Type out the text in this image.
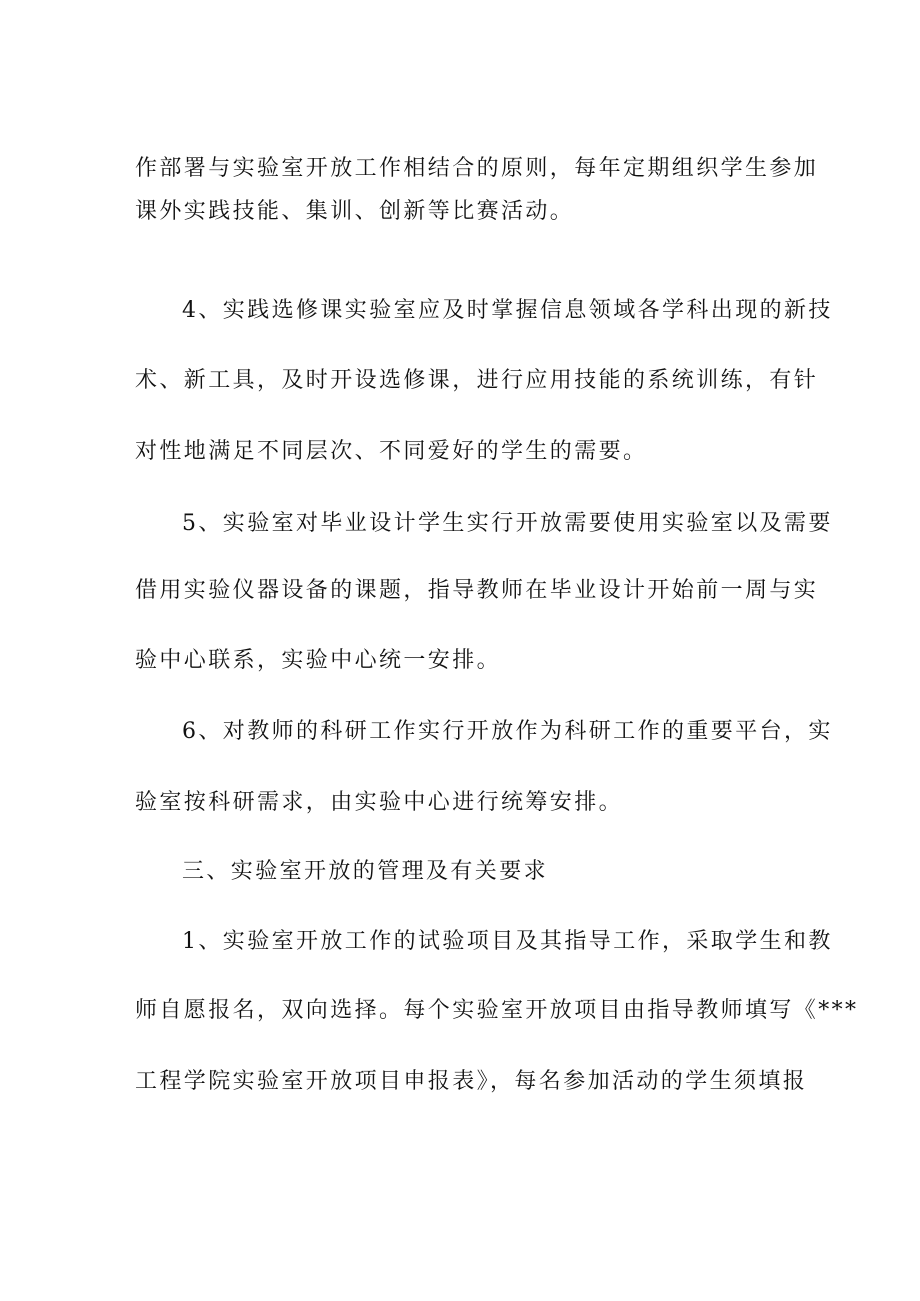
作部署与实验室开放工作相结合的原则，每年定期组织学生参加
课外实践技能、集训、创新等比赛活动。
4、实践选修课实验室应及时掌握信息领域各学科出现的新技
术、新工具，及时开设选修课，进行应用技能的系统训练，有针
对性地满足不同层次、不同爱好的学生的需要。
5、实验室对毕业设计学生实行开放需要使用实验室以及需要
借用实验仪器设备的课题，指导教师在毕业设计开始前一周与实
验中心联系，实验中心统一安排。
6、对教师的科研工作实行开放作为科研工作的重要平台，实
验室按科研需求，由实验中心进行统筹安排。
三、实验室开放的管理及有关要求
1、实验室开放工作的试验项目及其指导工作，采取学生和教
师自愿报名，双向选择。每个实验室开放项目由指导教师填写《***
工程学院实验室开放项目申报表》，每名参加活动的学生须填报
